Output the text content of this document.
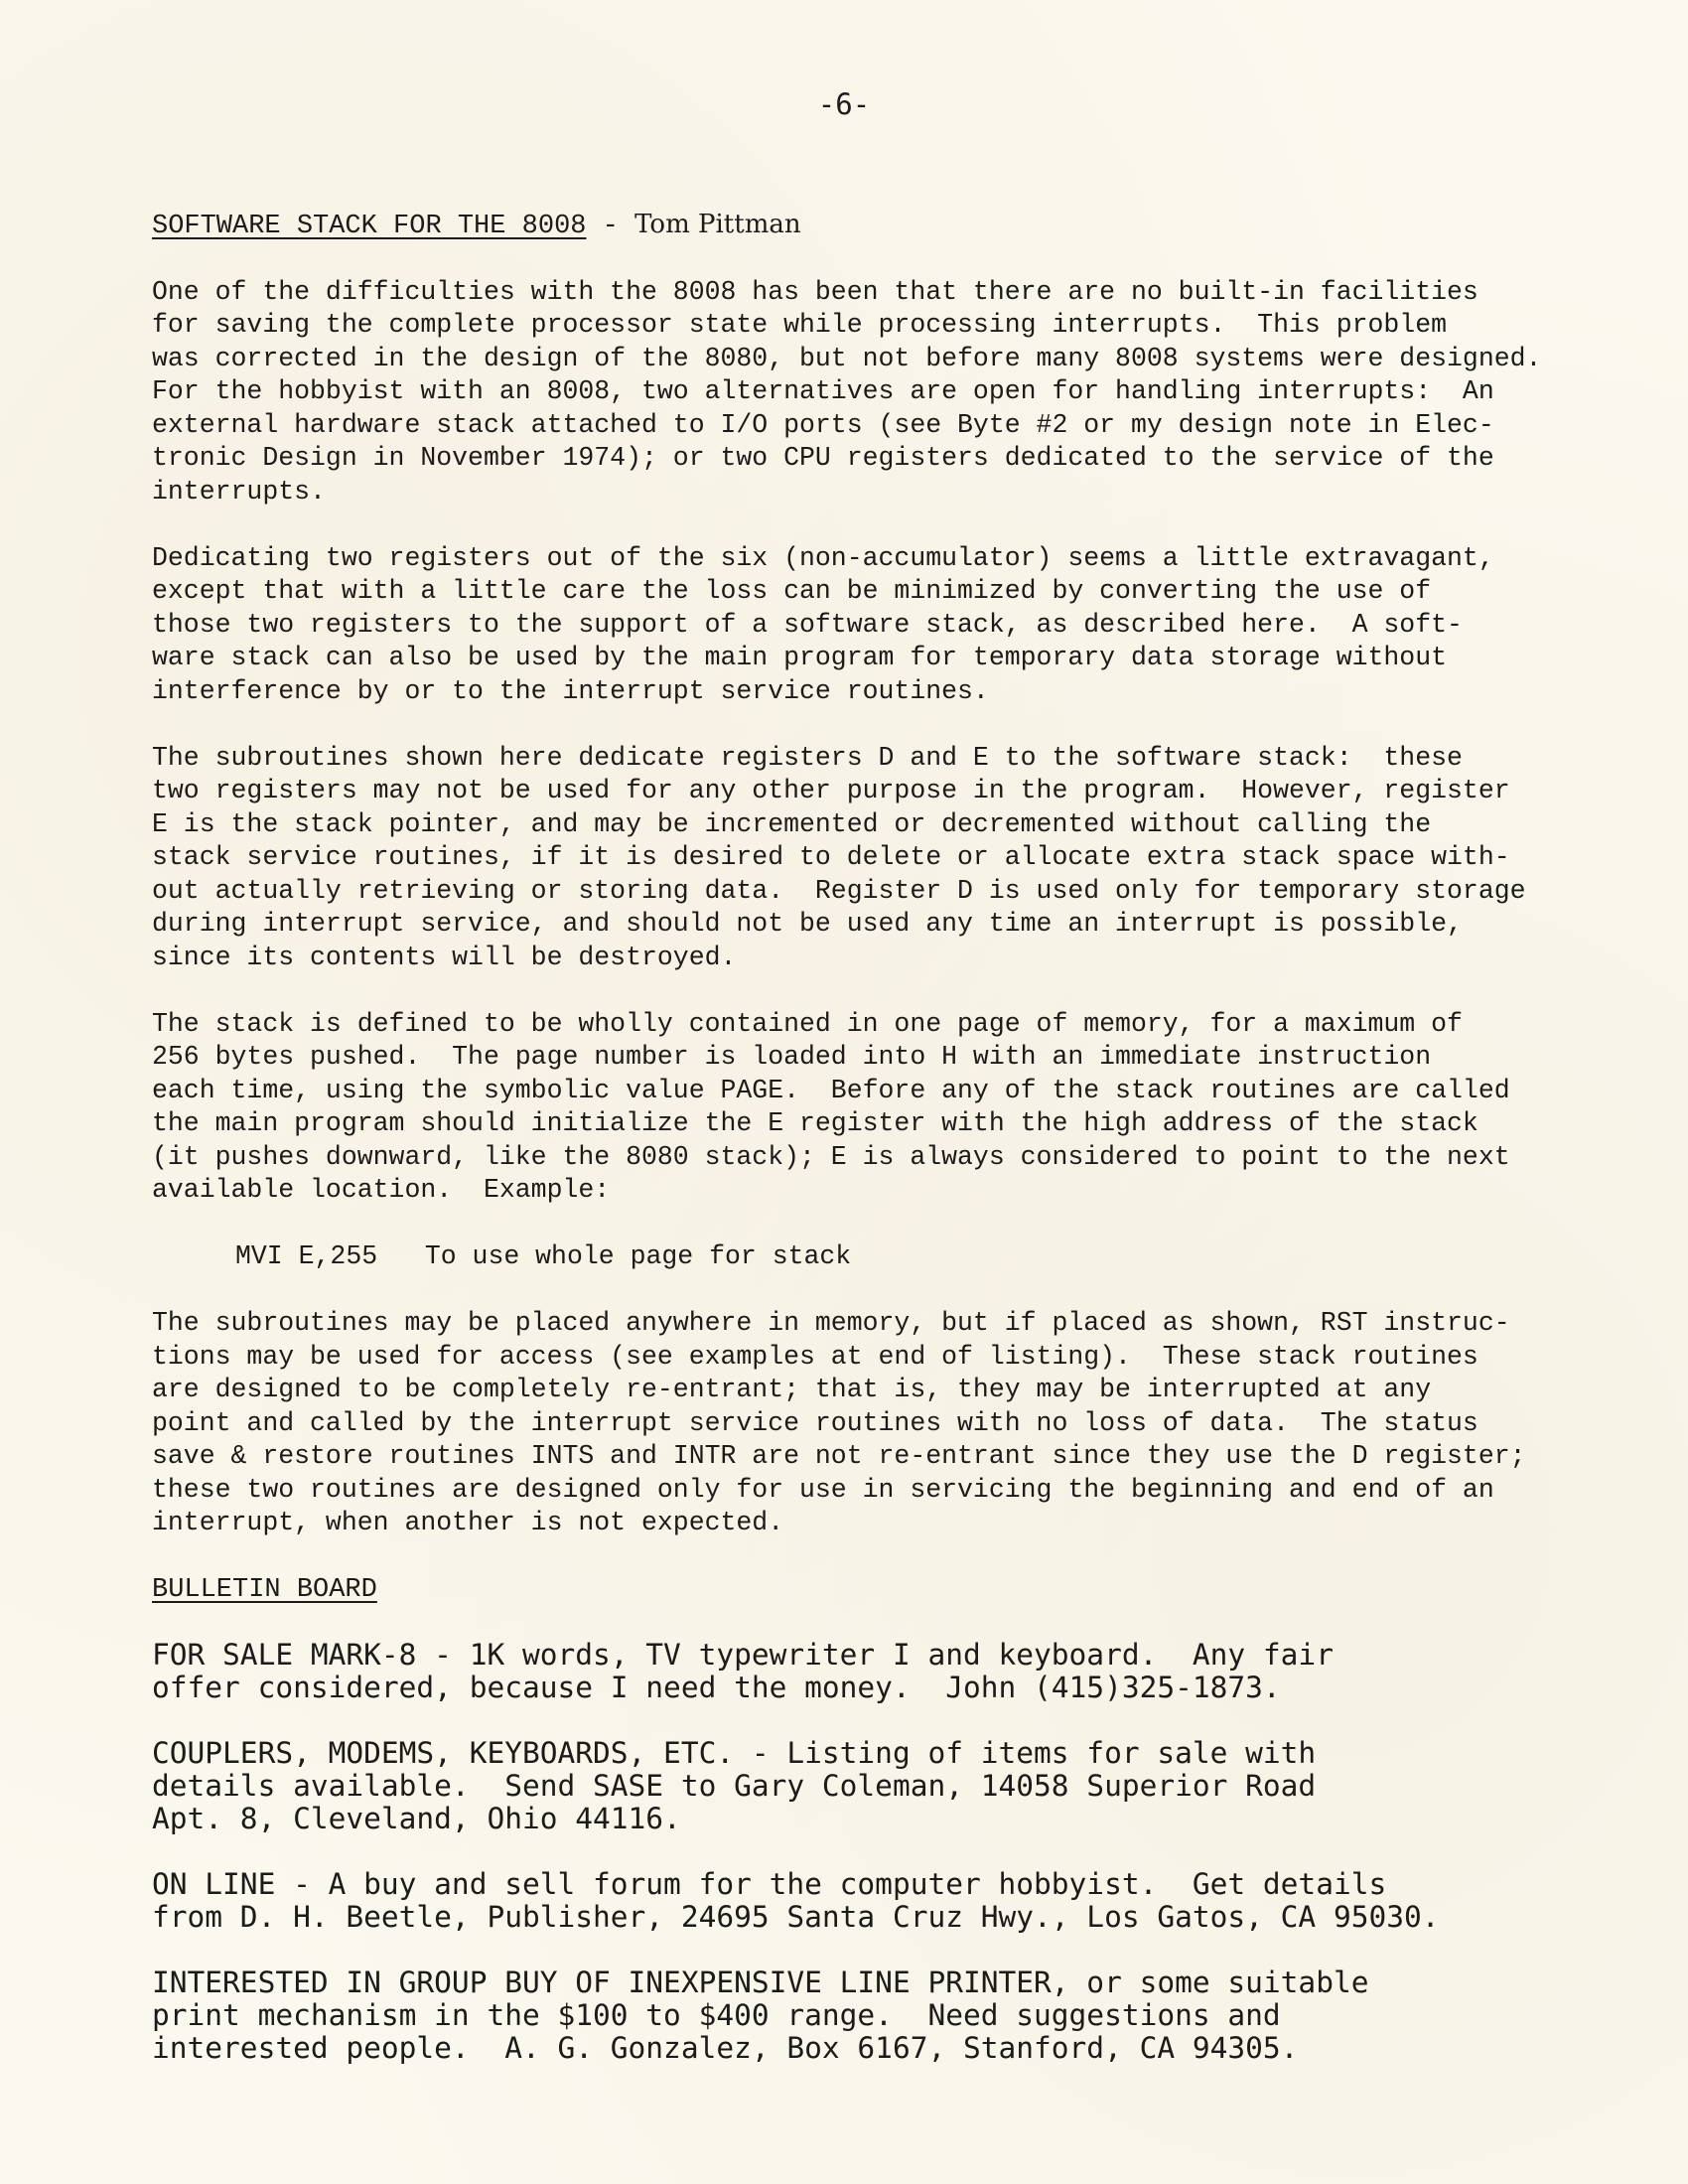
-6-
SOFTWARE STACK FOR THE 8008 - Tom Pittman
One of the difficulties with the 8008 has been that there are no built-in facilities
for saving the complete processor state while processing interrupts.  This problem
was corrected in the design of the 8080, but not before many 8008 systems were designed.
For the hobbyist with an 8008, two alternatives are open for handling interrupts:  An
external hardware stack attached to I/O ports (see Byte #2 or my design note in Elec-
tronic Design in November 1974); or two CPU registers dedicated to the service of the
interrupts.
Dedicating two registers out of the six (non-accumulator) seems a little extravagant,
except that with a little care the loss can be minimized by converting the use of
those two registers to the support of a software stack, as described here.  A soft-
ware stack can also be used by the main program for temporary data storage without
interference by or to the interrupt service routines.
The subroutines shown here dedicate registers D and E to the software stack:  these
two registers may not be used for any other purpose in the program.  However, register
E is the stack pointer, and may be incremented or decremented without calling the
stack service routines, if it is desired to delete or allocate extra stack space with-
out actually retrieving or storing data.  Register D is used only for temporary storage
during interrupt service, and should not be used any time an interrupt is possible,
since its contents will be destroyed.
The stack is defined to be wholly contained in one page of memory, for a maximum of
256 bytes pushed.  The page number is loaded into H with an immediate instruction
each time, using the symbolic value PAGE.  Before any of the stack routines are called
the main program should initialize the E register with the high address of the stack
(it pushes downward, like the 8080 stack); E is always considered to point to the next
available location.  Example:
MVI E,255   To use whole page for stack
The subroutines may be placed anywhere in memory, but if placed as shown, RST instruc-
tions may be used for access (see examples at end of listing).  These stack routines
are designed to be completely re-entrant; that is, they may be interrupted at any
point and called by the interrupt service routines with no loss of data.  The status
save & restore routines INTS and INTR are not re-entrant since they use the D register;
these two routines are designed only for use in servicing the beginning and end of an
interrupt, when another is not expected.
BULLETIN BOARD
FOR SALE MARK-8 - 1K words, TV typewriter I and keyboard.  Any fair
offer considered, because I need the money.  John (415)325-1873.
COUPLERS, MODEMS, KEYBOARDS, ETC. - Listing of items for sale with
details available.  Send SASE to Gary Coleman, 14058 Superior Road
Apt. 8, Cleveland, Ohio 44116.
ON LINE - A buy and sell forum for the computer hobbyist.  Get details
from D. H. Beetle, Publisher, 24695 Santa Cruz Hwy., Los Gatos, CA 95030.
INTERESTED IN GROUP BUY OF INEXPENSIVE LINE PRINTER, or some suitable
print mechanism in the $100 to $400 range.  Need suggestions and
interested people.  A. G. Gonzalez, Box 6167, Stanford, CA 94305.
